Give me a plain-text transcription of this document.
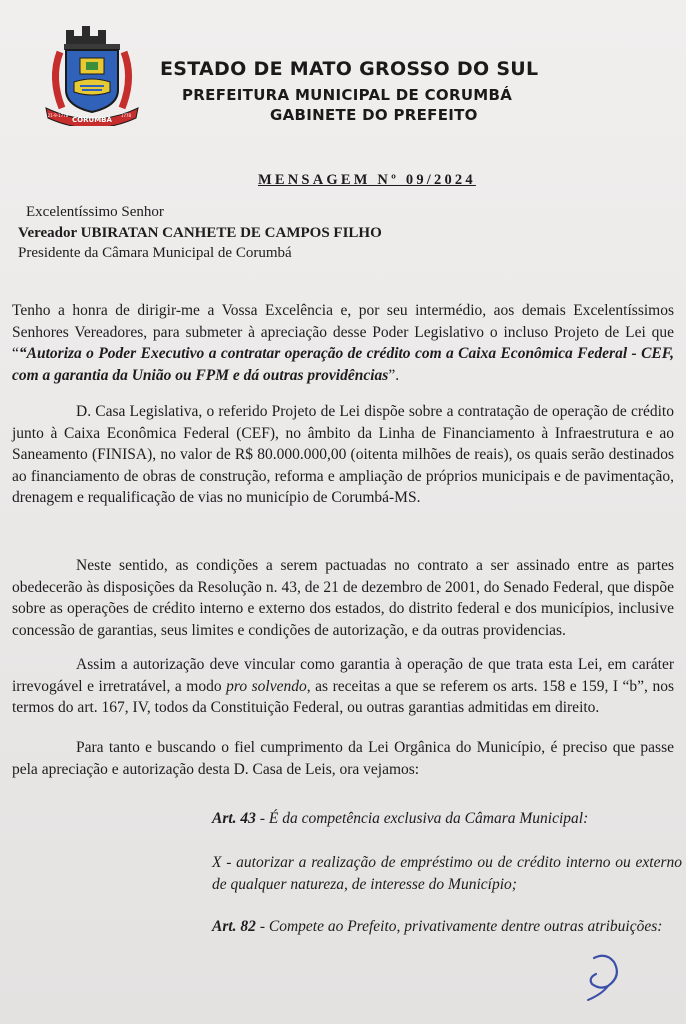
CORUMBÁ
21-9-1778	1778
ESTADO DE MATO GROSSO DO SUL
PREFEITURA MUNICIPAL DE CORUMBÁ
GABINETE DO PREFEITO
MENSAGEM Nº 09/2024
Excelentíssimo Senhor
Vereador UBIRATAN CANHETE DE CAMPOS FILHO
Presidente da Câmara Municipal de Corumbá
Tenho a honra de dirigir-me a Vossa Excelência e, por seu intermédio, aos demais Excelentíssimos Senhores Vereadores, para submeter à apreciação desse Poder Legislativo o incluso Projeto de Lei que ““Autoriza o Poder Executivo a contratar operação de crédito com a Caixa Econômica Federal - CEF, com a garantia da União ou FPM e dá outras providências”.
D. Casa Legislativa, o referido Projeto de Lei dispõe sobre a contratação de operação de crédito junto à Caixa Econômica Federal (CEF), no âmbito da Linha de Financiamento à Infraestrutura e ao Saneamento (FINISA), no valor de R$ 80.000.000,00 (oitenta milhões de reais), os quais serão destinados ao financiamento de obras de construção, reforma e ampliação de próprios municipais e de pavimentação, drenagem e requalificação de vias no município de Corumbá-MS.
Neste sentido, as condições a serem pactuadas no contrato a ser assinado entre as partes obedecerão às disposições da Resolução n. 43, de 21 de dezembro de 2001, do Senado Federal, que dispõe sobre as operações de crédito interno e externo dos estados, do distrito federal e dos municípios, inclusive concessão de garantias, seus limites e condições de autorização, e da outras providencias.
Assim a autorização deve vincular como garantia à operação de que trata esta Lei, em caráter irrevogável e irretratável, a modo pro solvendo, as receitas a que se referem os arts. 158 e 159, I “b”, nos termos do art. 167, IV, todos da Constituição Federal, ou outras garantias admitidas em direito.
Para tanto e buscando o fiel cumprimento da Lei Orgânica do Município, é preciso que passe pela apreciação e autorização desta D. Casa de Leis, ora vejamos:
Art. 43 - É da competência exclusiva da Câmara Municipal:
X - autorizar a realização de empréstimo ou de crédito interno ou externo de qualquer natureza, de interesse do Município;
Art. 82 - Compete ao Prefeito, privativamente dentre outras atribuições:
